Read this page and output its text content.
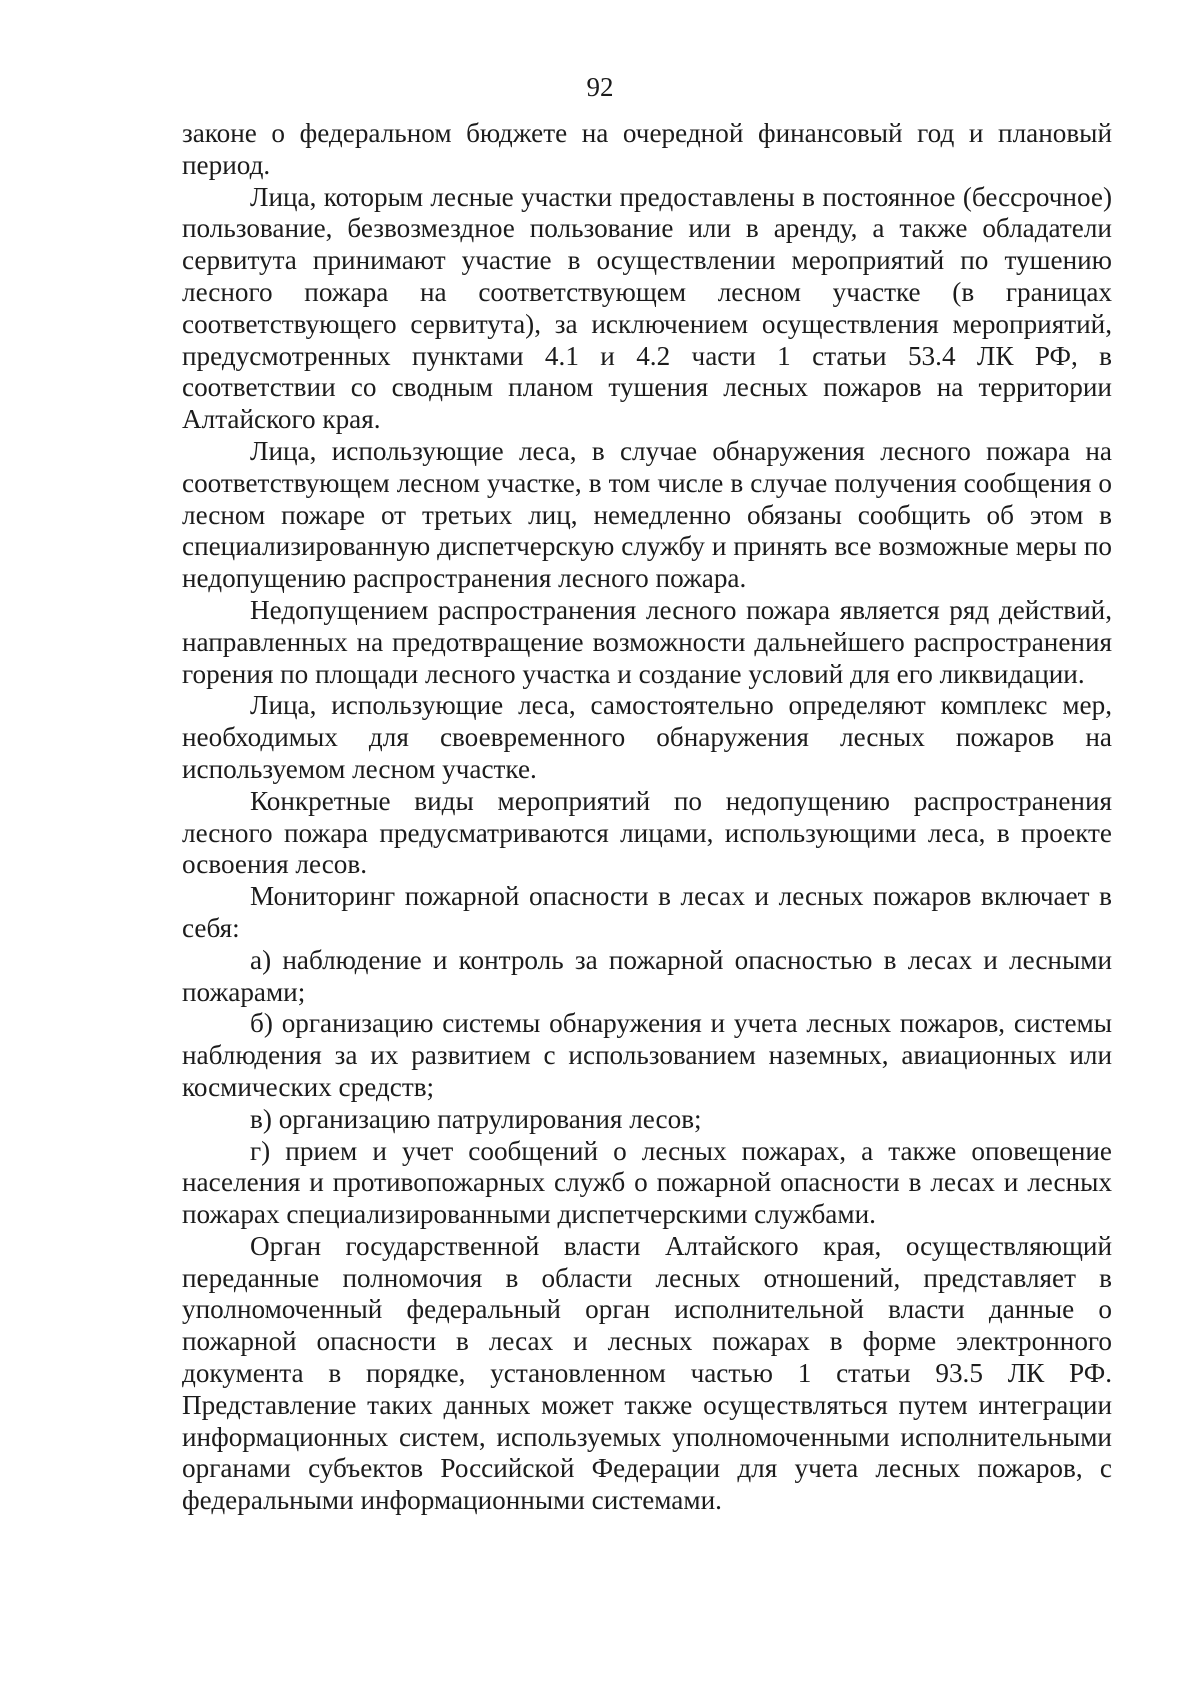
92

законе о федеральном бюджете на очередной финансовый год и плановый период.

Лица, которым лесные участки предоставлены в постоянное (бессрочное) пользование, безвозмездное пользование или в аренду, а также обладатели сервитута принимают участие в осуществлении мероприятий по тушению лесного пожара на соответствующем лесном участке (в границах соответствующего сервитута), за исключением осуществления мероприятий, предусмотренных пунктами 4.1 и 4.2 части 1 статьи 53.4 ЛК РФ, в соответствии со сводным планом тушения лесных пожаров на территории Алтайского края.

Лица, использующие леса, в случае обнаружения лесного пожара на соответствующем лесном участке, в том числе в случае получения сообщения о лесном пожаре от третьих лиц, немедленно обязаны сообщить об этом в специализированную диспетчерскую службу и принять все возможные меры по недопущению распространения лесного пожара.

Недопущением распространения лесного пожара является ряд действий, направленных на предотвращение возможности дальнейшего распространения горения по площади лесного участка и создание условий для его ликвидации.

Лица, использующие леса, самостоятельно определяют комплекс мер, необходимых для своевременного обнаружения лесных пожаров на используемом лесном участке.

Конкретные виды мероприятий по недопущению распространения лесного пожара предусматриваются лицами, использующими леса, в проекте освоения лесов.

Мониторинг пожарной опасности в лесах и лесных пожаров включает в себя:

а) наблюдение и контроль за пожарной опасностью в лесах и лесными пожарами;

б) организацию системы обнаружения и учета лесных пожаров, системы наблюдения за их развитием с использованием наземных, авиационных или космических средств;

в) организацию патрулирования лесов;

г) прием и учет сообщений о лесных пожарах, а также оповещение населения и противопожарных служб о пожарной опасности в лесах и лесных пожарах специализированными диспетчерскими службами.

Орган государственной власти Алтайского края, осуществляющий переданные полномочия в области лесных отношений, представляет в уполномоченный федеральный орган исполнительной власти данные о пожарной опасности в лесах и лесных пожарах в форме электронного документа в порядке, установленном частью 1 статьи 93.5 ЛК РФ. Представление таких данных может также осуществляться путем интеграции информационных систем, используемых уполномоченными исполнительными органами субъектов Российской Федерации для учета лесных пожаров, с федеральными информационными системами.
